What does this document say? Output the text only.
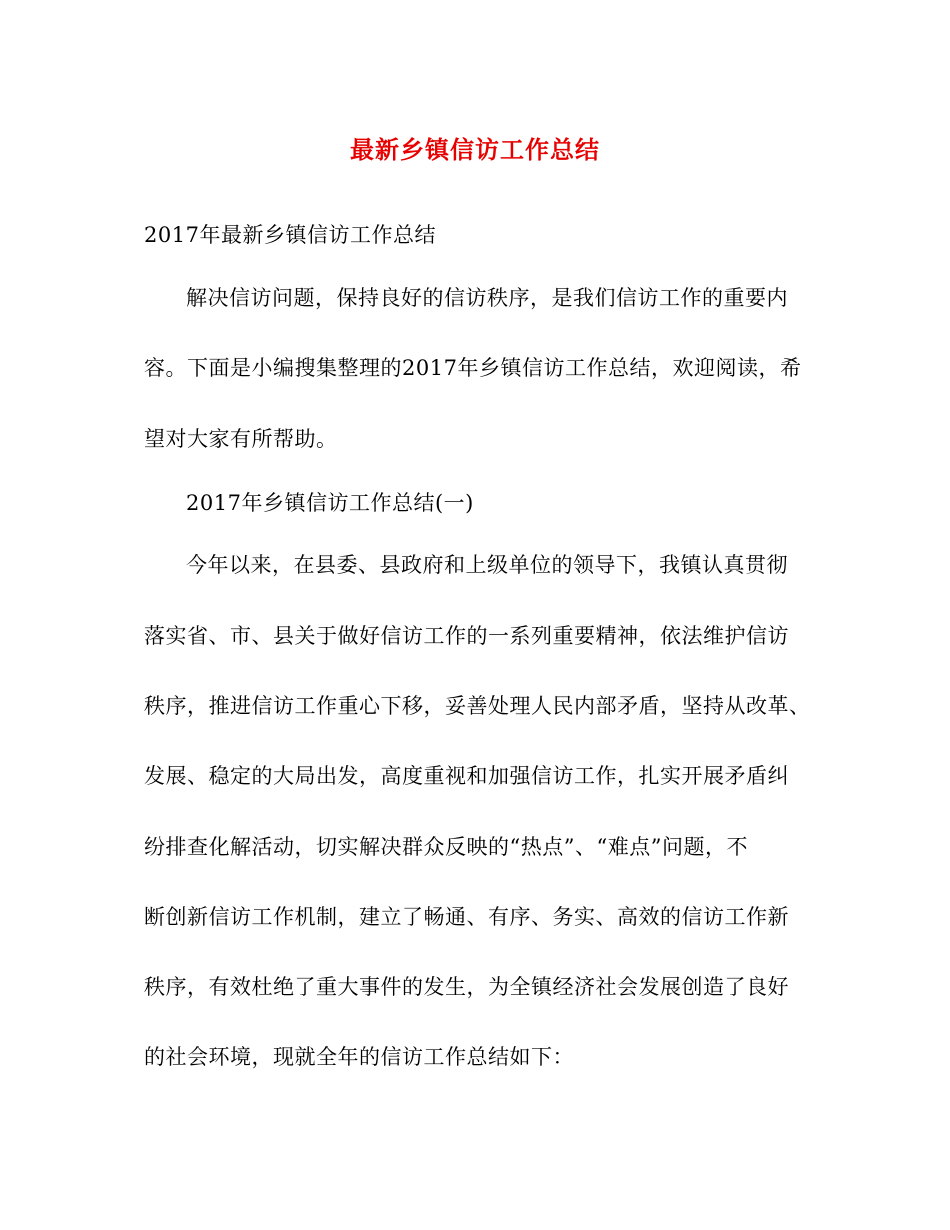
最新乡镇信访工作总结
2017年最新乡镇信访工作总结
解决信访问题，保持良好的信访秩序，是我们信访工作的重要内
容。下面是小编搜集整理的2017年乡镇信访工作总结，欢迎阅读，希
望对大家有所帮助。
2017年乡镇信访工作总结(一)
今年以来，在县委、县政府和上级单位的领导下，我镇认真贯彻
落实省、市、县关于做好信访工作的一系列重要精神，依法维护信访
秩序，推进信访工作重心下移，妥善处理人民内部矛盾，坚持从改革、
发展、稳定的大局出发，高度重视和加强信访工作，扎实开展矛盾纠
纷排查化解活动，切实解决群众反映的“热点”、“难点”问题，不
断创新信访工作机制，建立了畅通、有序、务实、高效的信访工作新
秩序，有效杜绝了重大事件的发生，为全镇经济社会发展创造了良好
的社会环境，现就全年的信访工作总结如下：
